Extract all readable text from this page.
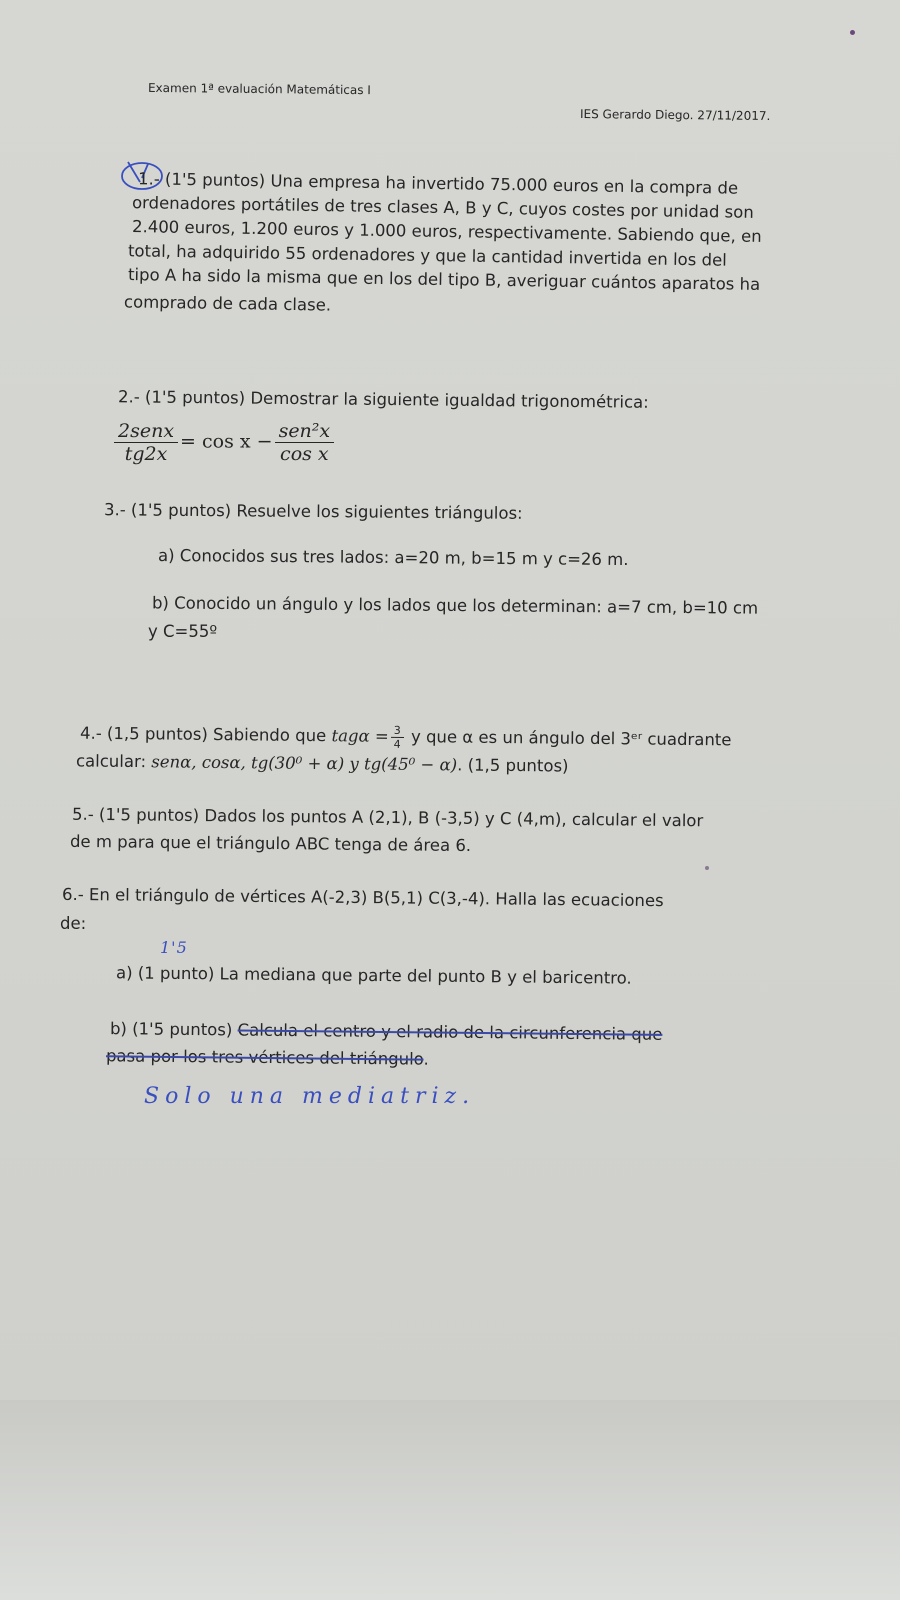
Examen 1ª evaluación Matemáticas I
IES Gerardo Diego. 27/11/2017.
1.- (1'5 puntos) Una empresa ha invertido 75.000 euros en la compra de
ordenadores portátiles de tres clases A, B y C, cuyos costes por unidad son
2.400 euros, 1.200 euros y 1.000 euros, respectivamente. Sabiendo que, en
total, ha adquirido 55 ordenadores y que la cantidad invertida en los del
tipo A ha sido la misma que en los del tipo B, averiguar cuántos aparatos ha
comprado de cada clase.
2.- (1'5 puntos) Demostrar la siguiente igualdad trigonométrica:
$\frac{\text{2senx}}{tg2x} = \cos x - \frac{\text{sen²x}}{\text{cos x}}$
3.- (1'5 puntos) Resuelve los siguientes triángulos:
a) Conocidos sus tres lados: a=20 m, b=15 m y c=26 m.
b) Conocido un ángulo y los lados que los determinan: a=7 cm, b=10 cm
y C=55º
4.- (1,5 puntos) Sabiendo que $tag\alpha = \frac{3}{4}$ y que α es un ángulo del 3ᵉʳ cuadrante
calcular: senα, cosα, tg(30⁰ + α) y tg(45⁰ − α). (1,5 puntos)
5.- (1'5 puntos) Dados los puntos A (2,1), B (-3,5) y C (4,m), calcular el valor
de m para que el triángulo ABC tenga de área 6.
6.- En el triángulo de vértices A(-2,3) B(5,1) C(3,-4). Halla las ecuaciones
de:
1'5
a) (1 punto) La mediana que parte del punto B y el baricentro.
b) (1'5 puntos) Calcula el centro y el radio de la circunferencia que
pasa por los tres vértices del triángulo.
Solo una mediatriz.
